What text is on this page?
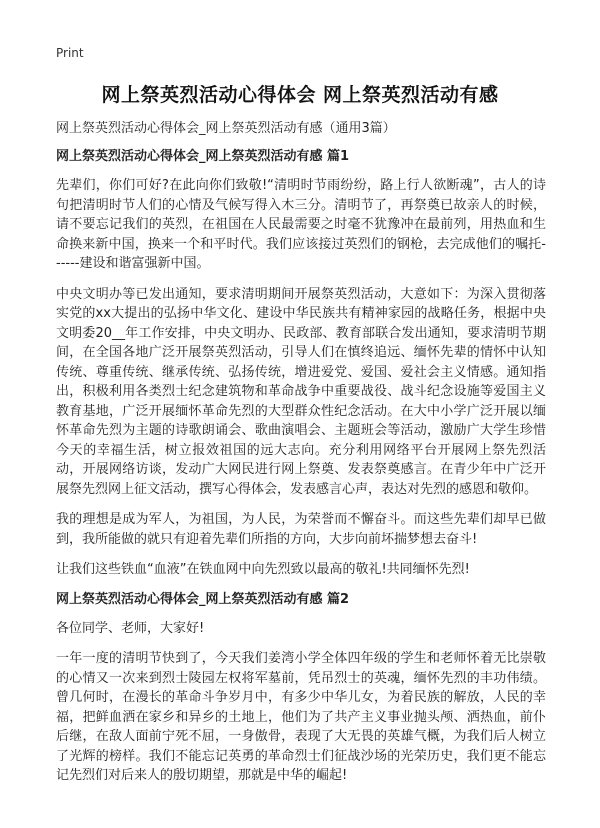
Print
网上祭英烈活动心得体会 网上祭英烈活动有感
网上祭英烈活动心得体会_网上祭英烈活动有感（通用3篇）
网上祭英烈活动心得体会_网上祭英烈活动有感 篇1

先辈们，你们可好?在此向你们致敬!“清明时节雨纷纷，路上行人欲断魂”，古人的诗句把清明时节人们的心情及气候写得入木三分。清明节了，再祭奠已故亲人的时候，请不要忘记我们的英烈，在祖国在人民最需要之时毫不犹豫冲在最前列，用热血和生命换来新中国，换来一个和平时代。我们应该接过英烈们的钢枪，去完成他们的嘱托------建设和谐富强新中国。

中央文明办等已发出通知，要求清明期间开展祭英烈活动，大意如下：为深入贯彻落实党的xx大提出的弘扬中华文化、建设中华民族共有精神家园的战略任务，根据中央文明委20__年工作安排，中央文明办、民政部、教育部联合发出通知，要求清明节期间，在全国各地广泛开展祭英烈活动，引导人们在慎终追远、缅怀先辈的情怀中认知传统、尊重传统、继承传统、弘扬传统，增进爱党、爱国、爱社会主义情感。通知指出，积极利用各类烈士纪念建筑物和革命战争中重要战役、战斗纪念设施等爱国主义教育基地，广泛开展缅怀革命先烈的大型群众性纪念活动。在大中小学广泛开展以缅怀革命先烈为主题的诗歌朗诵会、歌曲演唱会、主题班会等活动，激励广大学生珍惜今天的幸福生活，树立报效祖国的远大志向。充分利用网络平台开展网上祭先烈活动，开展网络访谈，发动广大网民进行网上祭奠、发表祭奠感言。在青少年中广泛开展祭先烈网上征文活动，撰写心得体会，发表感言心声，表达对先烈的感恩和敬仰。

我的理想是成为军人，为祖国，为人民，为荣誉而不懈奋斗。而这些先辈们却早已做到，我所能做的就只有迎着先辈们所指的方向，大步向前坏揣梦想去奋斗!

让我们这些铁血“血液”在铁血网中向先烈致以最高的敬礼!共同缅怀先烈!

网上祭英烈活动心得体会_网上祭英烈活动有感 篇2

各位同学、老师，大家好!

一年一度的清明节快到了，今天我们姜湾小学全体四年级的学生和老师怀着无比崇敬的心情又一次来到烈士陵园左权将军墓前，凭吊烈士的英魂，缅怀先烈的丰功伟绩。曾几何时，在漫长的革命斗争岁月中，有多少中华儿女，为着民族的解放，人民的幸福，把鲜血洒在家乡和异乡的土地上，他们为了共产主义事业抛头颅、洒热血，前仆后继，在敌人面前宁死不屈，一身傲骨，表现了大无畏的英雄气概，为我们后人树立了光辉的榜样。我们不能忘记英勇的革命烈士们征战沙场的光荣历史，我们更不能忘记先烈们对后来人的殷切期望，那就是中华的崛起!
